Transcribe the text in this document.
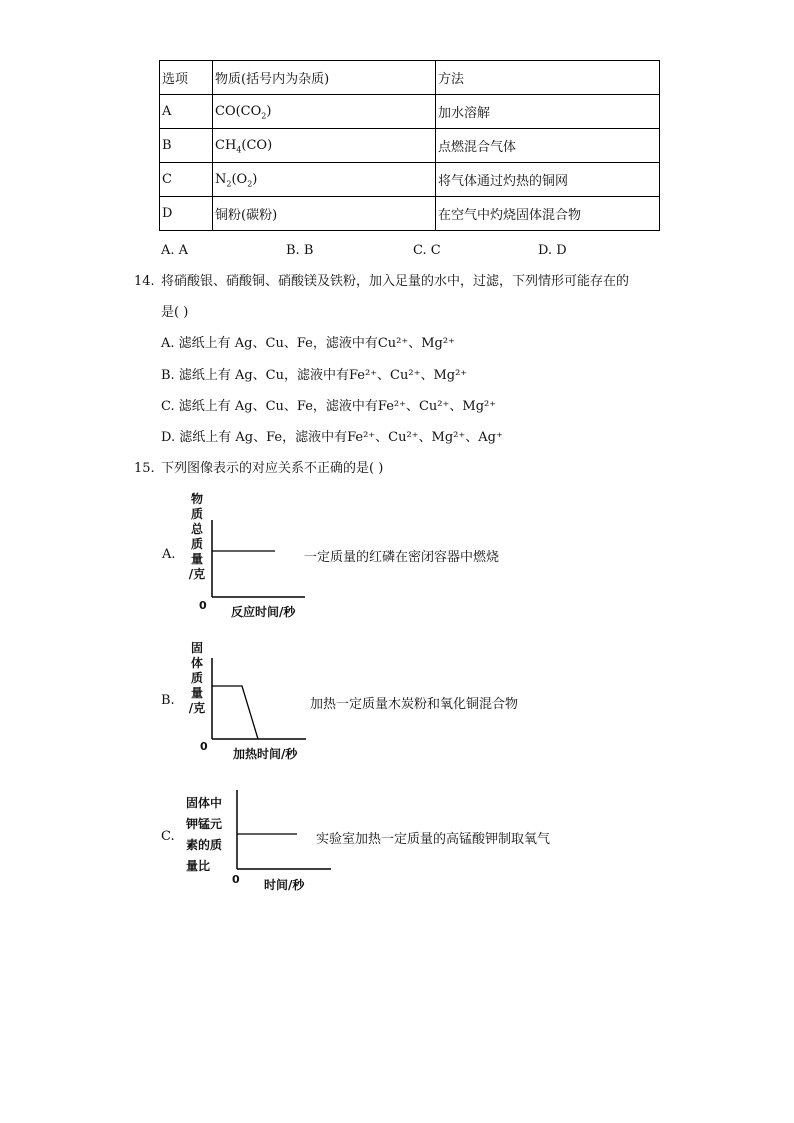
选项	物质(括号内为杂质)	方法
A	$CO(CO_2)$	加水溶解
B	$CH_4(CO)$	点燃混合气体
C	$N_2(O_2)$	将气体通过灼热的铜网
D	铜粉(碳粉)	在空气中灼烧固体混合物
A. A	B. B	C. C	D. D
14. 将硝酸银、硝酸铜、硝酸镁及铁粉，加入足量的水中，过滤，下列情形可能存在的
是( )
A. 滤纸上有 Ag、Cu、Fe，滤液中有Cu²⁺、Mg²⁺
B. 滤纸上有 Ag、Cu，滤液中有Fe²⁺、Cu²⁺、Mg²⁺
C. 滤纸上有 Ag、Cu、Fe，滤液中有Fe²⁺、Cu²⁺、Mg²⁺
D. 滤纸上有 Ag、Fe，滤液中有Fe²⁺、Cu²⁺、Mg²⁺、Ag⁺
15. 下列图像表示的对应关系不正确的是( )
A.
物
质
总
质
量
/克
0 反应时间/秒
一定质量的红磷在密闭容器中燃烧
B.
固
体
质
量
/克
0
加热时间/秒
加热一定质量木炭粉和氧化铜混合物
C.
固体中
钾锰元
素的质
量比
0 时间/秒
实验室加热一定质量的高锰酸钾制取氧气
